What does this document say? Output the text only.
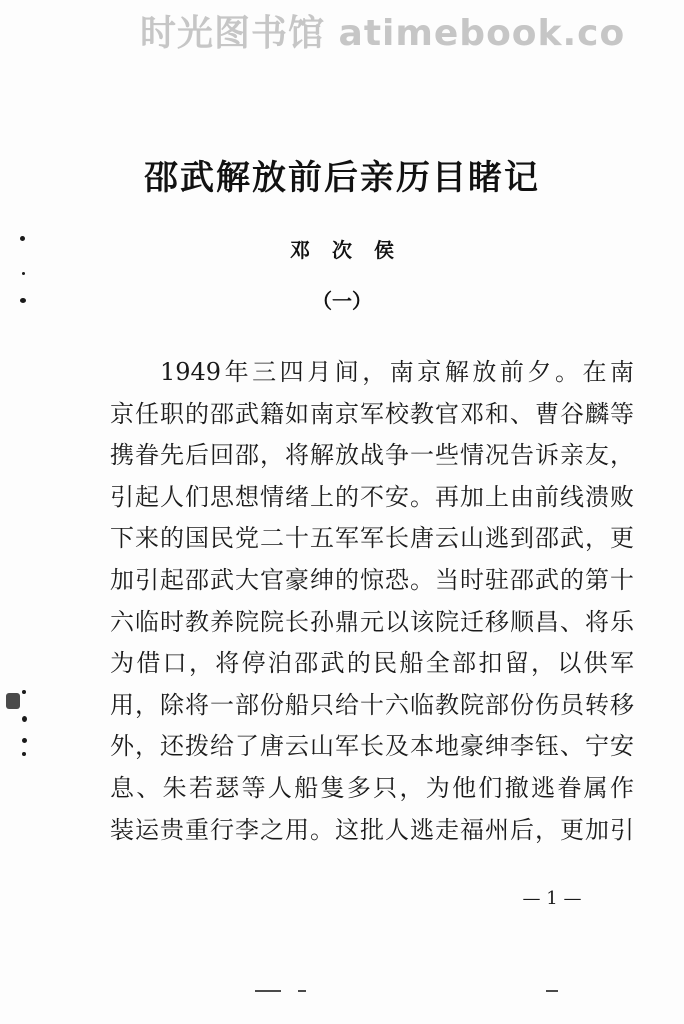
时光图书馆 atimebook.co
邵武解放前后亲历目睹记
邓次侯
（一）
1949年三四月间，南京解放前夕。在南
京任职的邵武籍如南京军校教官邓和、曹谷麟等
携眷先后回邵，将解放战争一些情况告诉亲友，
引起人们思想情绪上的不安。再加上由前线溃败
下来的国民党二十五军军长唐云山逃到邵武，更
加引起邵武大官豪绅的惊恐。当时驻邵武的第十
六临时教养院院长孙鼎元以该院迁移顺昌、将乐
为借口，将停泊邵武的民船全部扣留，以供军
用，除将一部份船只给十六临教院部份伤员转移
外，还拨给了唐云山军长及本地豪绅李钰、宁安
息、朱若瑟等人船隻多只，为他们撤逃眷属作
装运贵重行李之用。这批人逃走福州后，更加引
— 1 —
